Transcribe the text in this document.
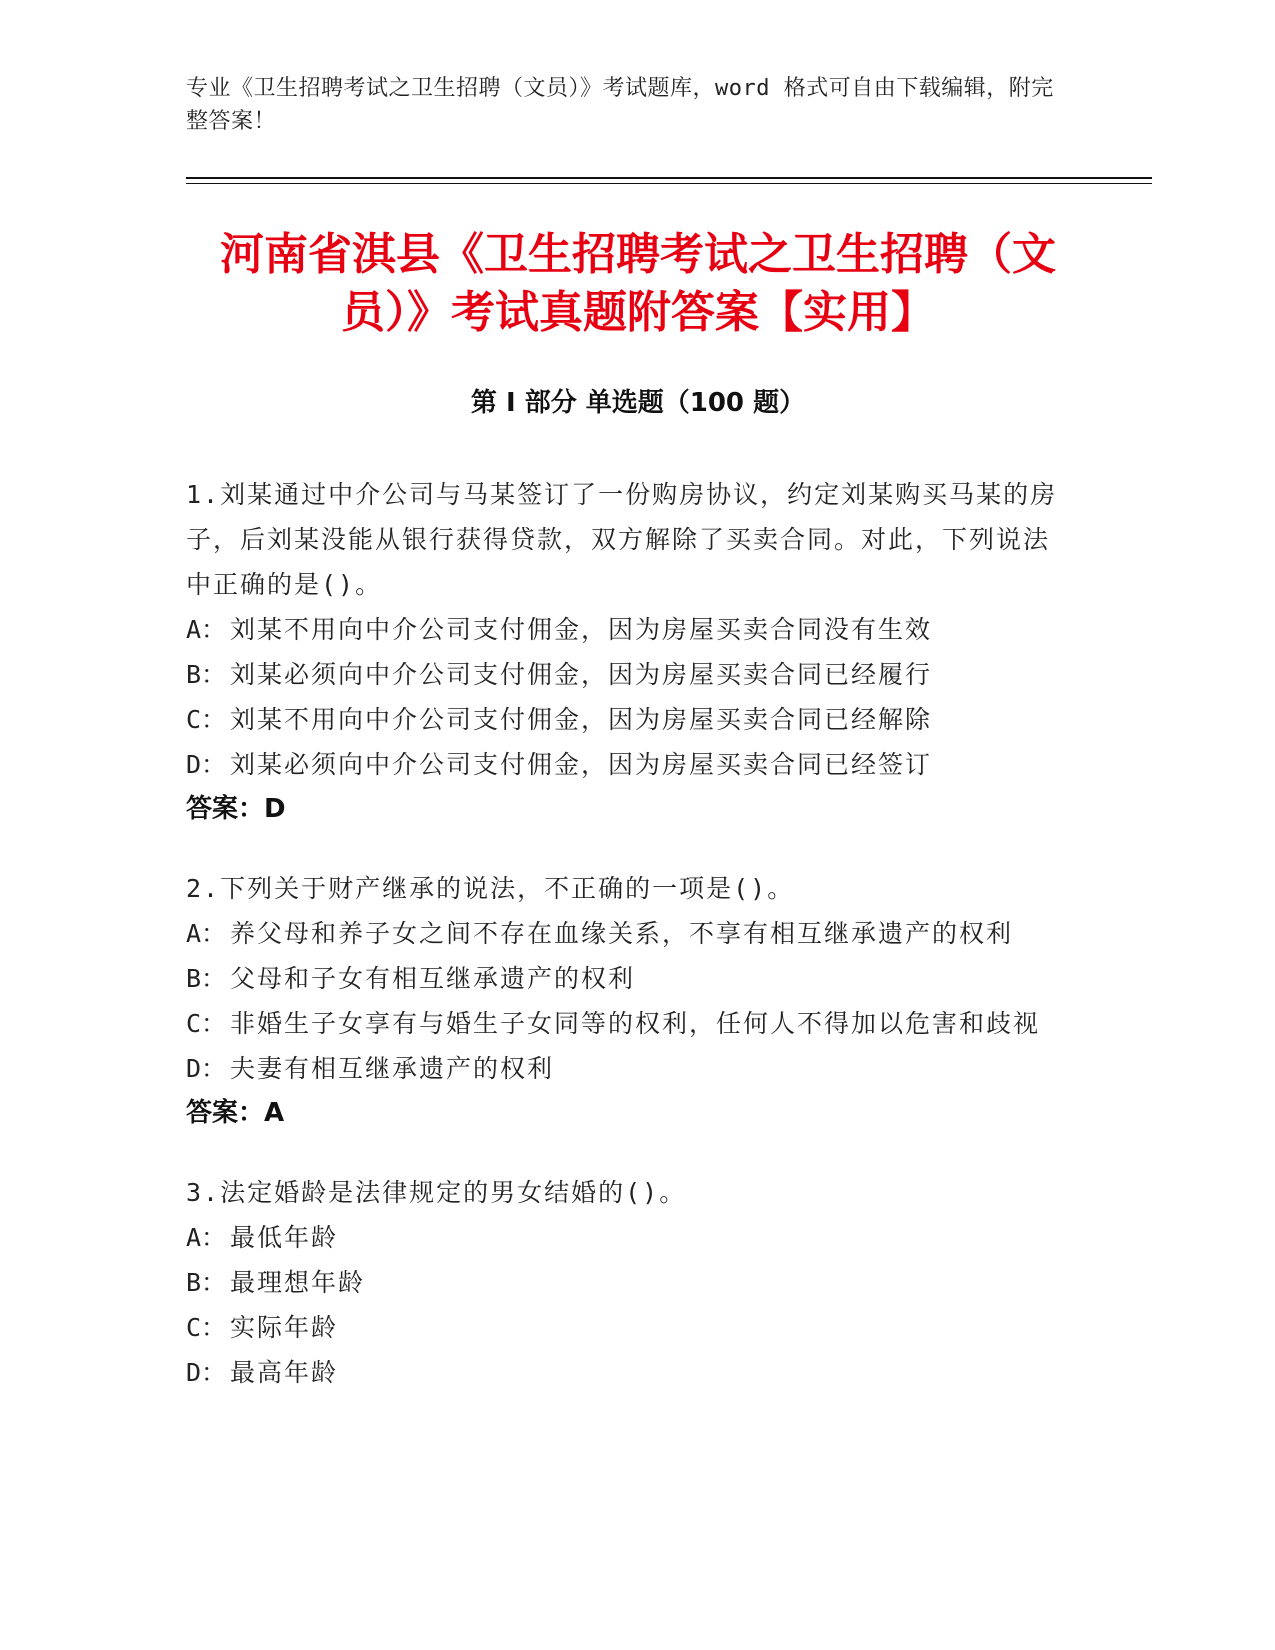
专业《卫生招聘考试之卫生招聘（文员）》考试题库，word 格式可自由下载编辑，附完整答案！
河南省淇县《卫生招聘考试之卫生招聘（文员）》考试真题附答案【实用】
第 I 部分 单选题（100 题）

1.刘某通过中介公司与马某签订了一份购房协议，约定刘某购买马某的房子，后刘某没能从银行获得贷款，双方解除了买卖合同。对此，下列说法中正确的是()。

A： 刘某不用向中介公司支付佣金，因为房屋买卖合同没有生效

B： 刘某必须向中介公司支付佣金，因为房屋买卖合同已经履行

C： 刘某不用向中介公司支付佣金，因为房屋买卖合同已经解除

D： 刘某必须向中介公司支付佣金，因为房屋买卖合同已经签订

答案：D

2.下列关于财产继承的说法，不正确的一项是()。

A： 养父母和养子女之间不存在血缘关系，不享有相互继承遗产的权利

B： 父母和子女有相互继承遗产的权利

C： 非婚生子女享有与婚生子女同等的权利，任何人不得加以危害和歧视

D： 夫妻有相互继承遗产的权利

答案：A

3.法定婚龄是法律规定的男女结婚的()。

A： 最低年龄

B： 最理想年龄

C： 实际年龄

D： 最高年龄
